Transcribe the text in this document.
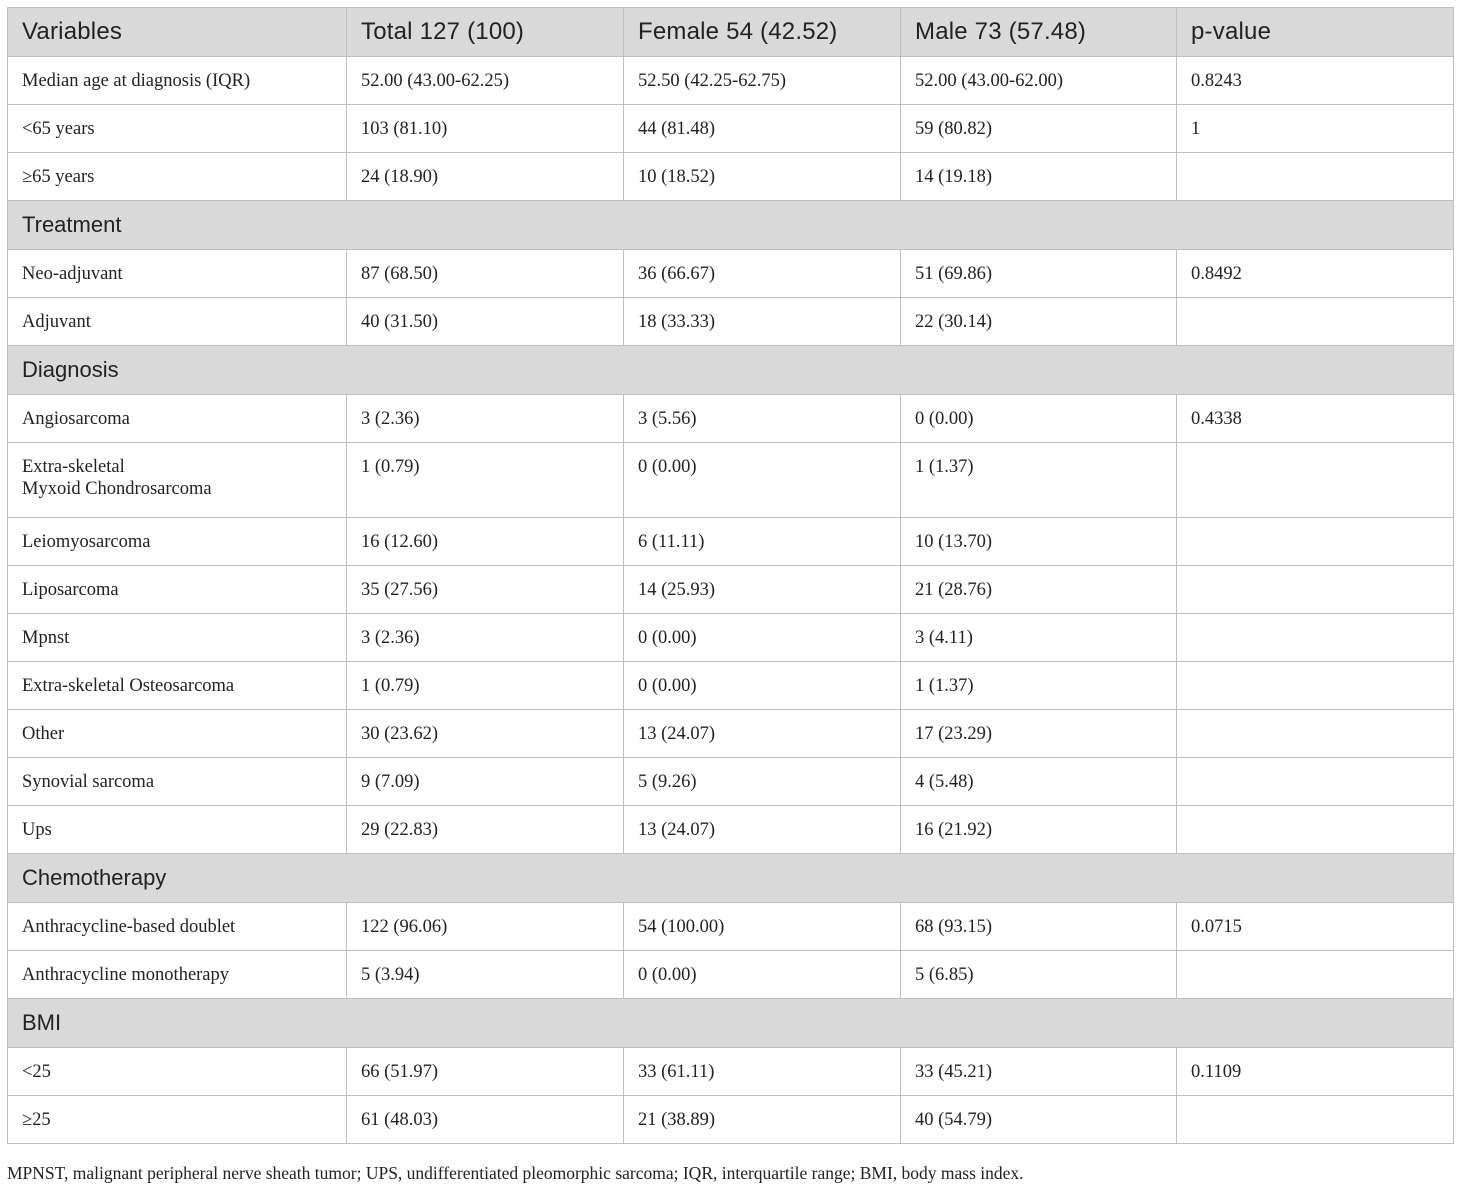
Variables	Total 127 (100)	Female 54 (42.52)	Male 73 (57.48)	p-value
Median age at diagnosis (IQR)	52.00 (43.00-62.25)	52.50 (42.25-62.75)	52.00 (43.00-62.00)	0.8243
<65 years	103 (81.10)	44 (81.48)	59 (80.82)	1
≥65 years	24 (18.90)	10 (18.52)	14 (19.18)	
Treatment				
Neo-adjuvant	87 (68.50)	36 (66.67)	51 (69.86)	0.8492
Adjuvant	40 (31.50)	18 (33.33)	22 (30.14)	
Diagnosis				
Angiosarcoma	3 (2.36)	3 (5.56)	0 (0.00)	0.4338
Extra-skeletal
Myxoid Chondrosarcoma	1 (0.79)	0 (0.00)	1 (1.37)	
Leiomyosarcoma	16 (12.60)	6 (11.11)	10 (13.70)	
Liposarcoma	35 (27.56)	14 (25.93)	21 (28.76)	
Mpnst	3 (2.36)	0 (0.00)	3 (4.11)	
Extra-skeletal Osteosarcoma	1 (0.79)	0 (0.00)	1 (1.37)	
Other	30 (23.62)	13 (24.07)	17 (23.29)	
Synovial sarcoma	9 (7.09)	5 (9.26)	4 (5.48)	
Ups	29 (22.83)	13 (24.07)	16 (21.92)	
Chemotherapy				
Anthracycline-based doublet	122 (96.06)	54 (100.00)	68 (93.15)	0.0715
Anthracycline monotherapy	5 (3.94)	0 (0.00)	5 (6.85)	
BMI				
<25	66 (51.97)	33 (61.11)	33 (45.21)	0.1109
≥25	61 (48.03)	21 (38.89)	40 (54.79)	
MPNST, malignant peripheral nerve sheath tumor; UPS, undifferentiated pleomorphic sarcoma; IQR, interquartile range; BMI, body mass index.
